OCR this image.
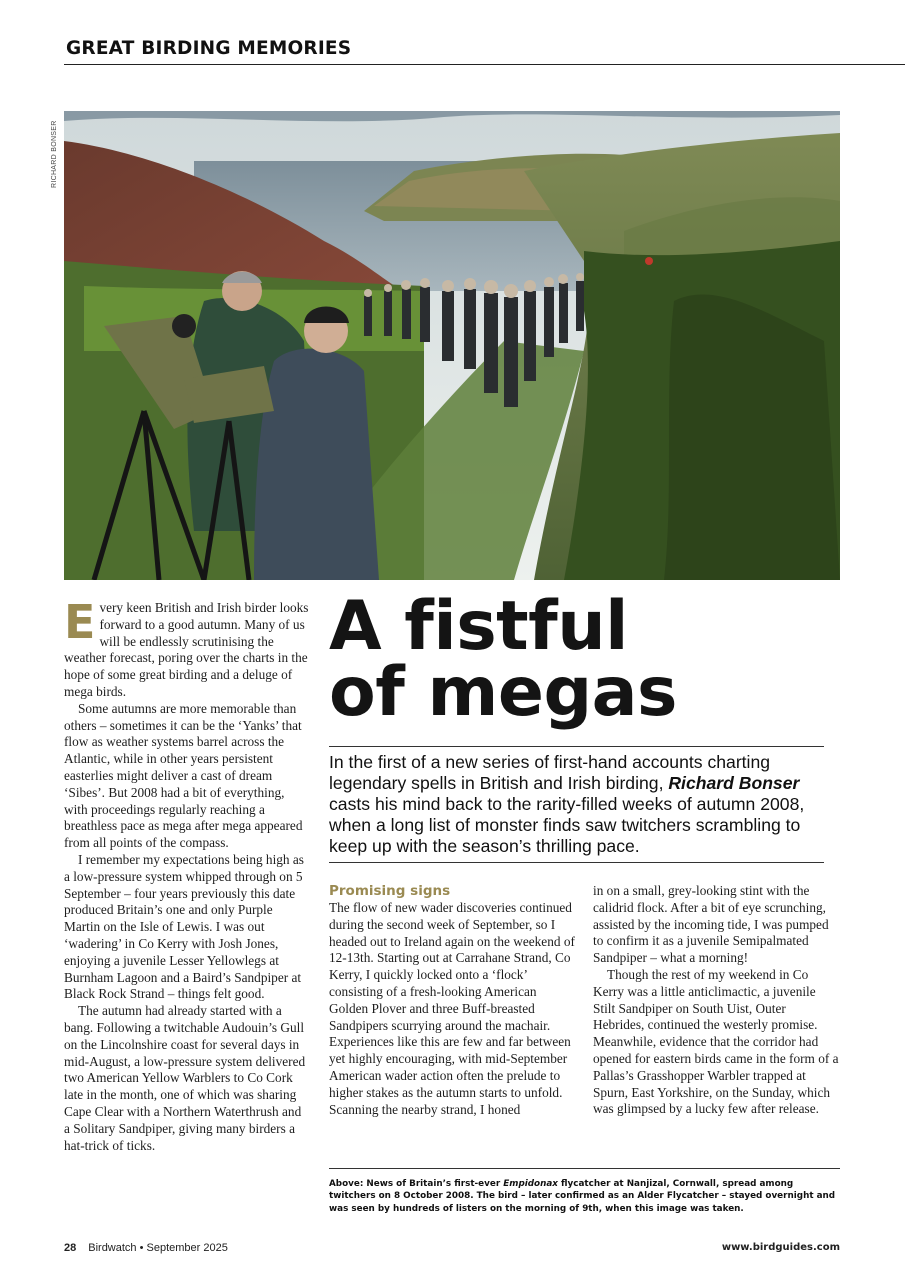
GREAT BIRDING MEMORIES
RICHARD BONSER

Every keen British and Irish birder looks forward to a good autumn. Many of us will be endlessly scrutinising the weather forecast, poring over the charts in the hope of some great birding and a deluge of mega birds.

Some autumns are more memorable than others – sometimes it can be the ‘Yanks’ that flow as weather systems barrel across the Atlantic, while in other years persistent easterlies might deliver a cast of dream ‘Sibes’. But 2008 had a bit of everything, with proceedings regularly reaching a breathless pace as mega after mega appeared from all points of the compass.

I remember my expectations being high as a low-pressure system whipped through on 5 September – four years previously this date produced Britain’s one and only Purple Martin on the Isle of Lewis. I was out ‘wadering’ in Co Kerry with Josh Jones, enjoying a juvenile Lesser Yellowlegs at Burnham Lagoon and a Baird’s Sandpiper at Black Rock Strand – things felt good.

The autumn had already started with a bang. Following a twitchable Audouin’s Gull on the Lincolnshire coast for several days in mid-August, a low-pressure system delivered two American Yellow Warblers to Co Cork late in the month, one of which was sharing Cape Clear with a Northern Waterthrush and a Solitary Sandpiper, giving many birders a hat-trick of ticks.

A fistful
of megas

In the first of a new series of first-hand accounts charting legendary spells in British and Irish birding, Richard Bonser casts his mind back to the rarity-filled weeks of autumn 2008, when a long list of monster finds saw twitchers scrambling to keep up with the season’s thrilling pace.

Promising signs

The flow of new wader discoveries continued during the second week of September, so I headed out to Ireland again on the weekend of 12-13th. Starting out at Carrahane Strand, Co Kerry, I quickly locked onto a ‘flock’ consisting of a fresh-looking American Golden Plover and three Buff-breasted Sandpipers scurrying around the machair. Experiences like this are few and far between yet highly encouraging, with mid-September American wader action often the prelude to higher stakes as the autumn starts to unfold. Scanning the nearby strand, I honed

in on a small, grey-looking stint with the calidrid flock. After a bit of eye scrunching, assisted by the incoming tide, I was pumped to confirm it as a juvenile Semipalmated Sandpiper – what a morning!

Though the rest of my weekend in Co Kerry was a little anticlimactic, a juvenile Stilt Sandpiper on South Uist, Outer Hebrides, continued the westerly promise. Meanwhile, evidence that the corridor had opened for eastern birds came in the form of a Pallas’s Grasshopper Warbler trapped at Spurn, East Yorkshire, on the Sunday, which was glimpsed by a lucky few after release.

Above: News of Britain’s first-ever Empidonax flycatcher at Nanjizal, Cornwall, spread among twitchers on 8 October 2008. The bird – later confirmed as an Alder Flycatcher – stayed overnight and was seen by hundreds of listers on the morning of 9th, when this image was taken.

28 Birdwatch • September 2025	www.birdguides.com
